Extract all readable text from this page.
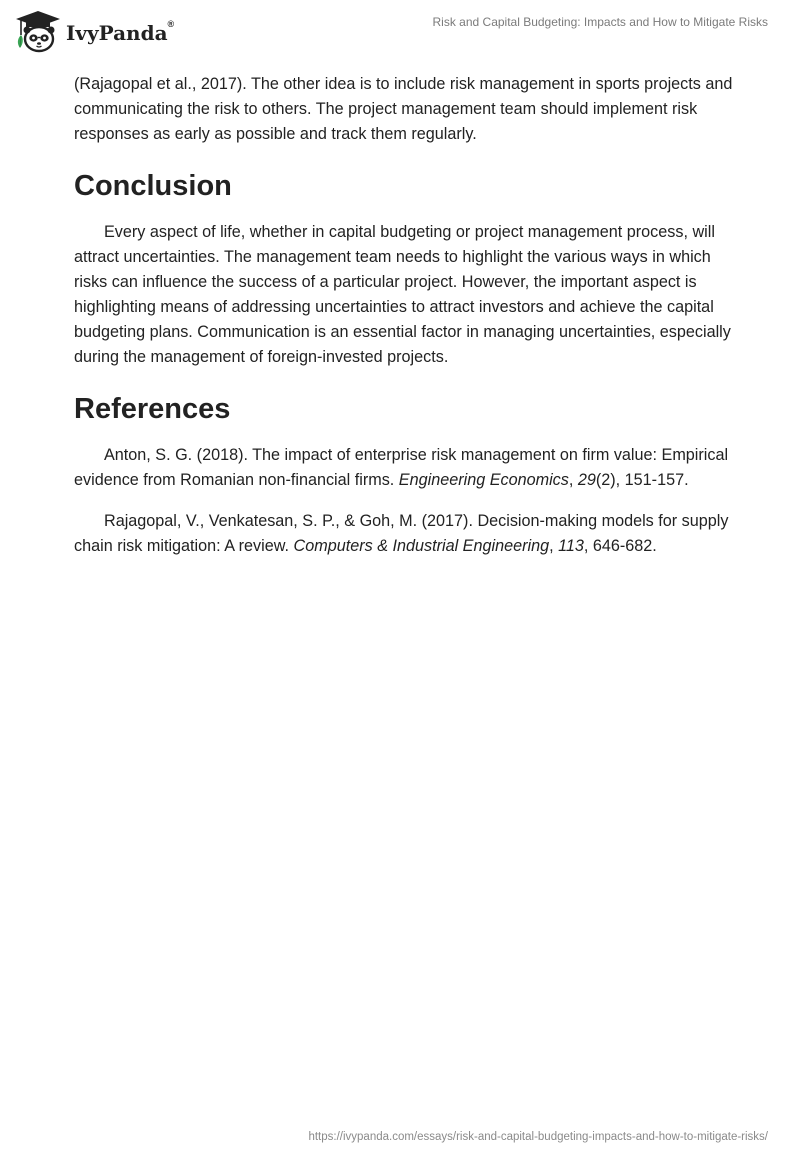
IvyPanda®	Risk and Capital Budgeting: Impacts and How to Mitigate Risks

(Rajagopal et al., 2017). The other idea is to include risk management in sports projects and communicating the risk to others. The project management team should implement risk responses as early as possible and track them regularly.

Conclusion

Every aspect of life, whether in capital budgeting or project management process, will attract uncertainties. The management team needs to highlight the various ways in which risks can influence the success of a particular project. However, the important aspect is highlighting means of addressing uncertainties to attract investors and achieve the capital budgeting plans. Communication is an essential factor in managing uncertainties, especially during the management of foreign-invested projects.

References

Anton, S. G. (2018). The impact of enterprise risk management on firm value: Empirical evidence from Romanian non-financial firms. Engineering Economics, 29(2), 151-157.

Rajagopal, V., Venkatesan, S. P., & Goh, M. (2017). Decision-making models for supply chain risk mitigation: A review. Computers & Industrial Engineering, 113, 646-682.

https://ivypanda.com/essays/risk-and-capital-budgeting-impacts-and-how-to-mitigate-risks/
